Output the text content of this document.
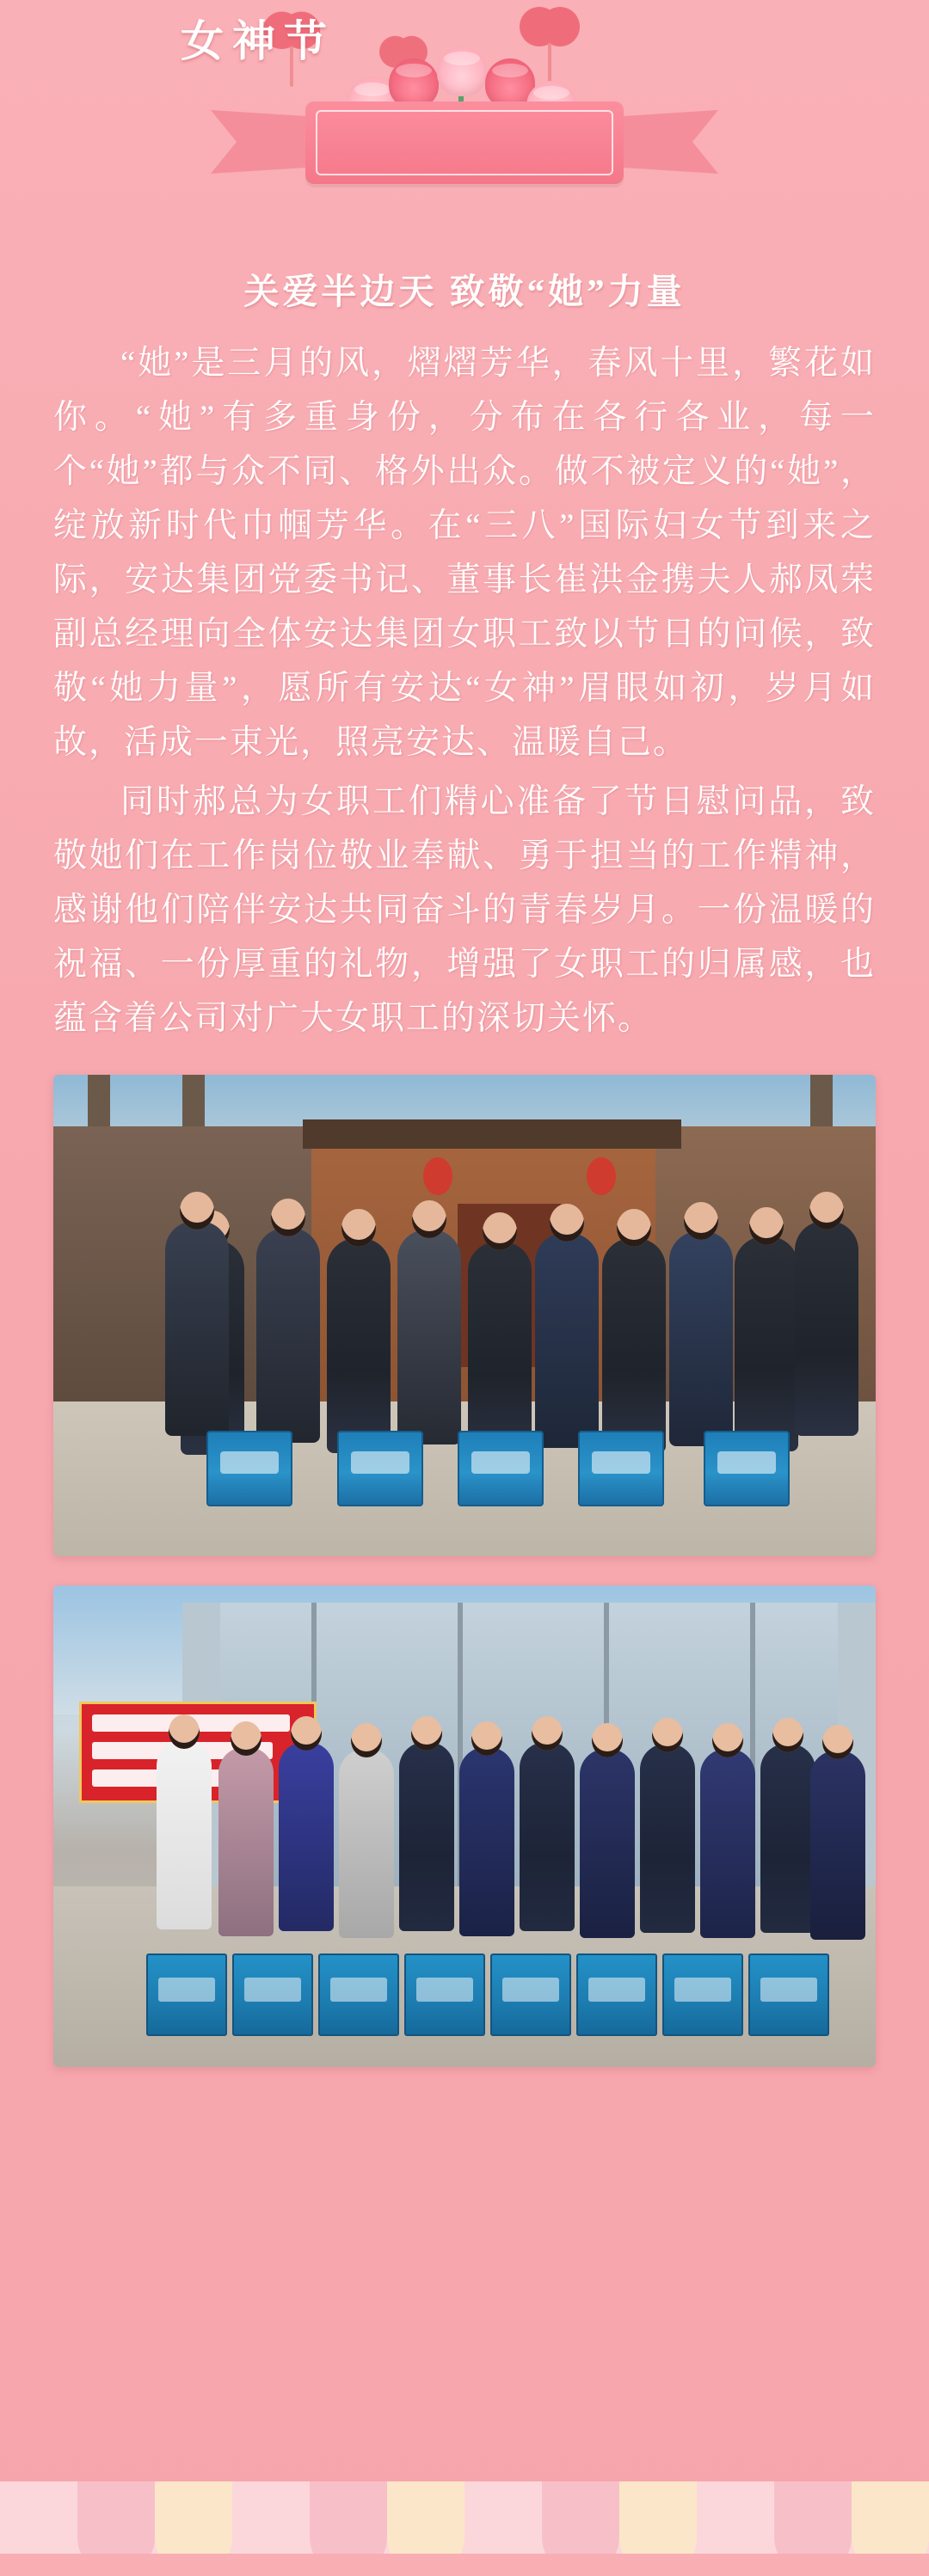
女神节
关爱半边天 致敬“她”力量

“她”是三月的风，熠熠芳华，春风十里，繁花如你。“她”有多重身份，分布在各行各业，每一个“她”都与众不同、格外出众。做不被定义的“她”，绽放新时代巾帼芳华。在“三八”国际妇女节到来之际，安达集团党委书记、董事长崔洪金携夫人郝凤荣副总经理向全体安达集团女职工致以节日的问候，致敬“她力量”，愿所有安达“女神”眉眼如初，岁月如故，活成一束光，照亮安达、温暖自己。

同时郝总为女职工们精心准备了节日慰问品，致敬她们在工作岗位敬业奉献、勇于担当的工作精神，感谢他们陪伴安达共同奋斗的青春岁月。一份温暖的祝福、一份厚重的礼物，增强了女职工的归属感，也蕴含着公司对广大女职工的深切关怀。
